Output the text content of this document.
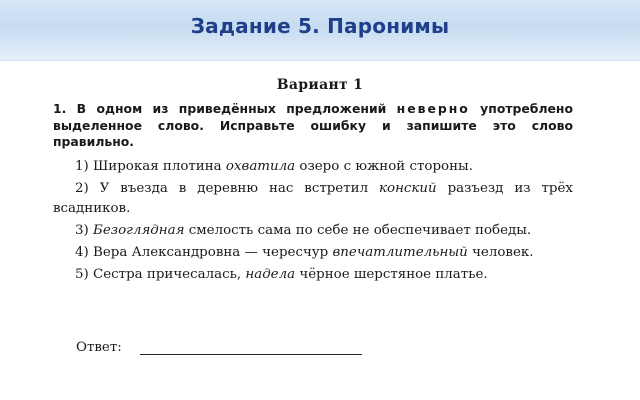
Задание 5. Паронимы
Вариант 1
1. В одном из приведённых предложений неверно употреблено выделенное слово. Исправьте ошибку и запишите это слово правильно.

1) Широкая плотина охватила озеро с южной стороны.

2) У въезда в деревню нас встретил конский разъезд из трёх всадников.

3) Безоглядная смелость сама по себе не обеспечивает победы.

4) Вера Александровна — чересчур впечатлительный человек.

5) Сестра причесалась, надела чёрное шерстяное платье.

Ответ:
